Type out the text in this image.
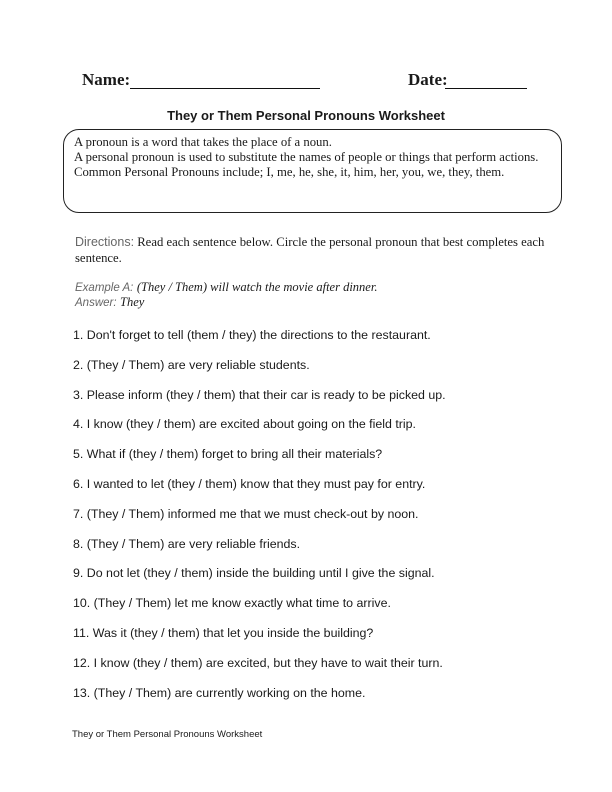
Name:	Date:
They or Them Personal Pronouns Worksheet

A pronoun is a word that takes the place of a noun.

A personal pronoun is used to substitute the names of people or things that perform actions.

Common Personal Pronouns include; I, me, he, she, it, him, her, you, we, they, them.

Directions: Read each sentence below. Circle the personal pronoun that best completes each sentence.
Example A: (They / Them) will watch the movie after dinner.
Answer: They
1. Don't forget to tell (them / they) the directions to the restaurant.
2. (They / Them) are very reliable students.
3. Please inform (they / them) that their car is ready to be picked up.
4. I know (they / them) are excited about going on the field trip.
5. What if (they / them) forget to bring all their materials?
6. I wanted to let (they / them) know that they must pay for entry.
7. (They / Them) informed me that we must check-out by noon.
8. (They / Them) are very reliable friends.
9. Do not let (they / them) inside the building until I give the signal.
10. (They / Them) let me know exactly what time to arrive.
11. Was it (they / them) that let you inside the building?
12. I know (they / them) are excited, but they have to wait their turn.
13. (They / Them) are currently working on the home.
They or Them Personal Pronouns Worksheet
